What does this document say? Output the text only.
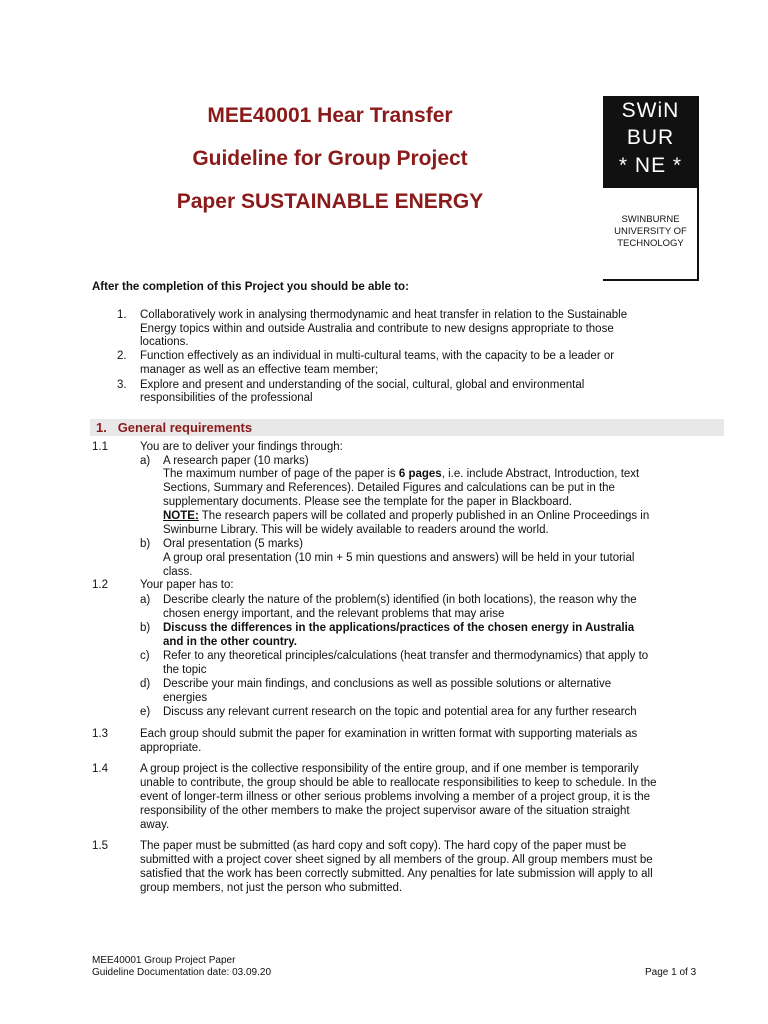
MEE40001 Hear Transfer
Guideline for Group Project
Paper SUSTAINABLE ENERGY
SWiN
BUR
* NE *
SWINBURNE
UNIVERSITY OF
TECHNOLOGY
After the completion of this Project you should be able to:
1. Collaboratively work in analysing thermodynamic and heat transfer in relation to the Sustainable
Energy topics within and outside Australia and contribute to new designs appropriate to those
locations.
2. Function effectively as an individual in multi-cultural teams, with the capacity to be a leader or
manager as well as an effective team member;
3. Explore and present and understanding of the social, cultural, global and environmental
responsibilities of the professional
1. General requirements
1.1	You are to deliver your findings through:
a) A research paper (10 marks)
The maximum number of page of the paper is 6 pages, i.e. include Abstract, Introduction, text
Sections, Summary and References). Detailed Figures and calculations can be put in the
supplementary documents. Please see the template for the paper in Blackboard.
NOTE: The research papers will be collated and properly published in an Online Proceedings in
Swinburne Library. This will be widely available to readers around the world.
b) Oral presentation (5 marks)
A group oral presentation (10 min + 5 min questions and answers) will be held in your tutorial
class.
1.2	Your paper has to:
a) Describe clearly the nature of the problem(s) identified (in both locations), the reason why the
chosen energy important, and the relevant problems that may arise
b) Discuss the differences in the applications/practices of the chosen energy in Australia
and in the other country.
c) Refer to any theoretical principles/calculations (heat transfer and thermodynamics) that apply to
the topic
d) Describe your main findings, and conclusions as well as possible solutions or alternative
energies
e) Discuss any relevant current research on the topic and potential area for any further research
1.3	Each group should submit the paper for examination in written format with supporting materials as
appropriate.
1.4	A group project is the collective responsibility of the entire group, and if one member is temporarily
unable to contribute, the group should be able to reallocate responsibilities to keep to schedule. In the
event of longer-term illness or other serious problems involving a member of a project group, it is the
responsibility of the other members to make the project supervisor aware of the situation straight
away.
1.5	The paper must be submitted (as hard copy and soft copy). The hard copy of the paper must be
submitted with a project cover sheet signed by all members of the group. All group members must be
satisfied that the work has been correctly submitted. Any penalties for late submission will apply to all
group members, not just the person who submitted.
MEE40001 Group Project Paper
Guideline Documentation date: 03.09.20	Page 1 of 3
